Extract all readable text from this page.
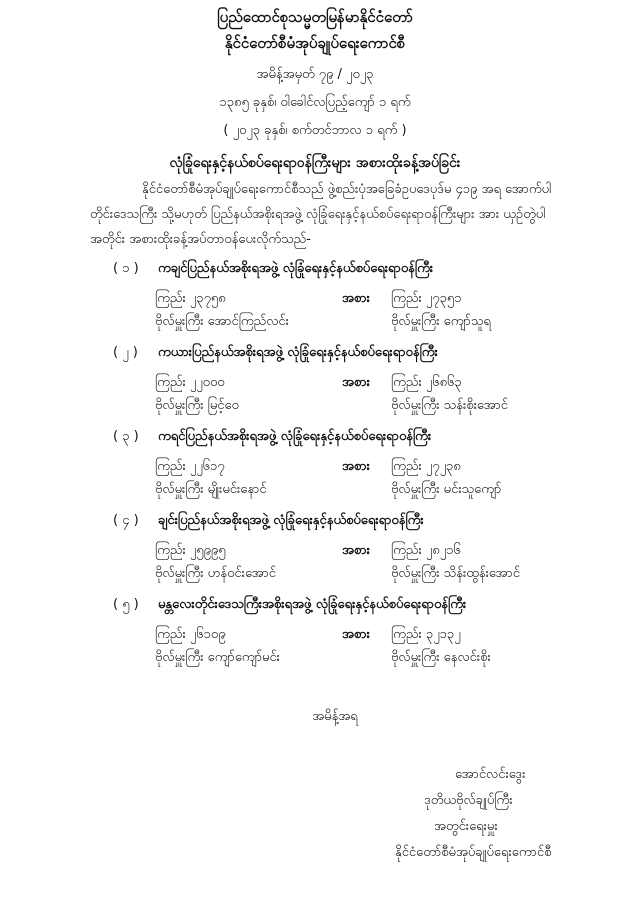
ပြည်ထောင်စုသမ္မတမြန်မာနိုင်ငံတော်
နိုင်ငံတော်စီမံအုပ်ချုပ်ရေးကောင်စီ
အမိန့်အမှတ် ၇၉ / ၂၀၂၃
၁၃၈၅ ခုနှစ်၊ ဝါခေါင်လပြည့်ကျော် ၁ ရက်
( ၂၀၂၃ ခုနှစ်၊ စက်တင်ဘာလ ၁ ရက် )
လုံခြုံရေးနှင့်နယ်စပ်ရေးရာဝန်ကြီးများ အစားထိုးခန့်အပ်ခြင်း
နိုင်ငံတော်စီမံအုပ်ချုပ်ရေးကောင်စီသည် ဖွဲ့စည်းပုံအခြေခံဥပဒေပုဒ်မ ၄၁၉ အရ အောက်ပါ
တိုင်းဒေသကြီး သို့မဟုတ် ပြည်နယ်အစိုးရအဖွဲ့ လုံခြုံရေးနှင့်နယ်စပ်ရေးရာဝန်ကြီးများ အား ယှဉ်တွဲပါ
အတိုင်း အစားထိုးခန့်အပ်တာဝန်ပေးလိုက်သည်-
( ၁ ) ကချင်ပြည်နယ်အစိုးရအဖွဲ့ လုံခြုံရေးနှင့်နယ်စပ်ရေးရာဝန်ကြီး
ကြည်း ၂၃၇၅၈	အစား ကြည်း ၂၇၃၅၁
ဗိုလ်မှူးကြီး အောင်ကြည်လင်း	ဗိုလ်မှူးကြီး ကျော်သူရ
( ၂ ) ကယားပြည်နယ်အစိုးရအဖွဲ့ လုံခြုံရေးနှင့်နယ်စပ်ရေးရာဝန်ကြီး
ကြည်း ၂၂၀၀၀	အစား ကြည်း ၂၆၈၆၃
ဗိုလ်မှူးကြီး မြင့်ဝေ	ဗိုလ်မှူးကြီး သန်းစိုးအောင်
( ၃ ) ကရင်ပြည်နယ်အစိုးရအဖွဲ့ လုံခြုံရေးနှင့်နယ်စပ်ရေးရာဝန်ကြီး
ကြည်း ၂၂၆၁၇	အစား ကြည်း ၂၇၂၃၈
ဗိုလ်မှူးကြီး မျိုးမင်းနောင်	ဗိုလ်မှူးကြီး မင်းသူကျော်
( ၄ ) ချင်းပြည်နယ်အစိုးရအဖွဲ့ လုံခြုံရေးနှင့်နယ်စပ်ရေးရာဝန်ကြီး
ကြည်း ၂၅၉၉၅	အစား ကြည်း ၂၈၂၁၆
ဗိုလ်မှူးကြီး ဟန်ဝင်းအောင်	ဗိုလ်မှူးကြီး သိန်းထွန်းအောင်
( ၅ ) မန္တလေးတိုင်းဒေသကြီးအစိုးရအဖွဲ့ လုံခြုံရေးနှင့်နယ်စပ်ရေးရာဝန်ကြီး
ကြည်း ၂၆၁၀၉	အစား ကြည်း ၃၂၁၃၂
ဗိုလ်မှူးကြီး ကျော်ကျော်မင်း	ဗိုလ်မှူးကြီး နေလင်းစိုး
အမိန့်အရ
အောင်လင်းဒွေး
ဒုတိယဗိုလ်ချုပ်ကြီး
အတွင်းရေးမှူး
နိုင်ငံတော်စီမံအုပ်ချုပ်ရေးကောင်စီ
